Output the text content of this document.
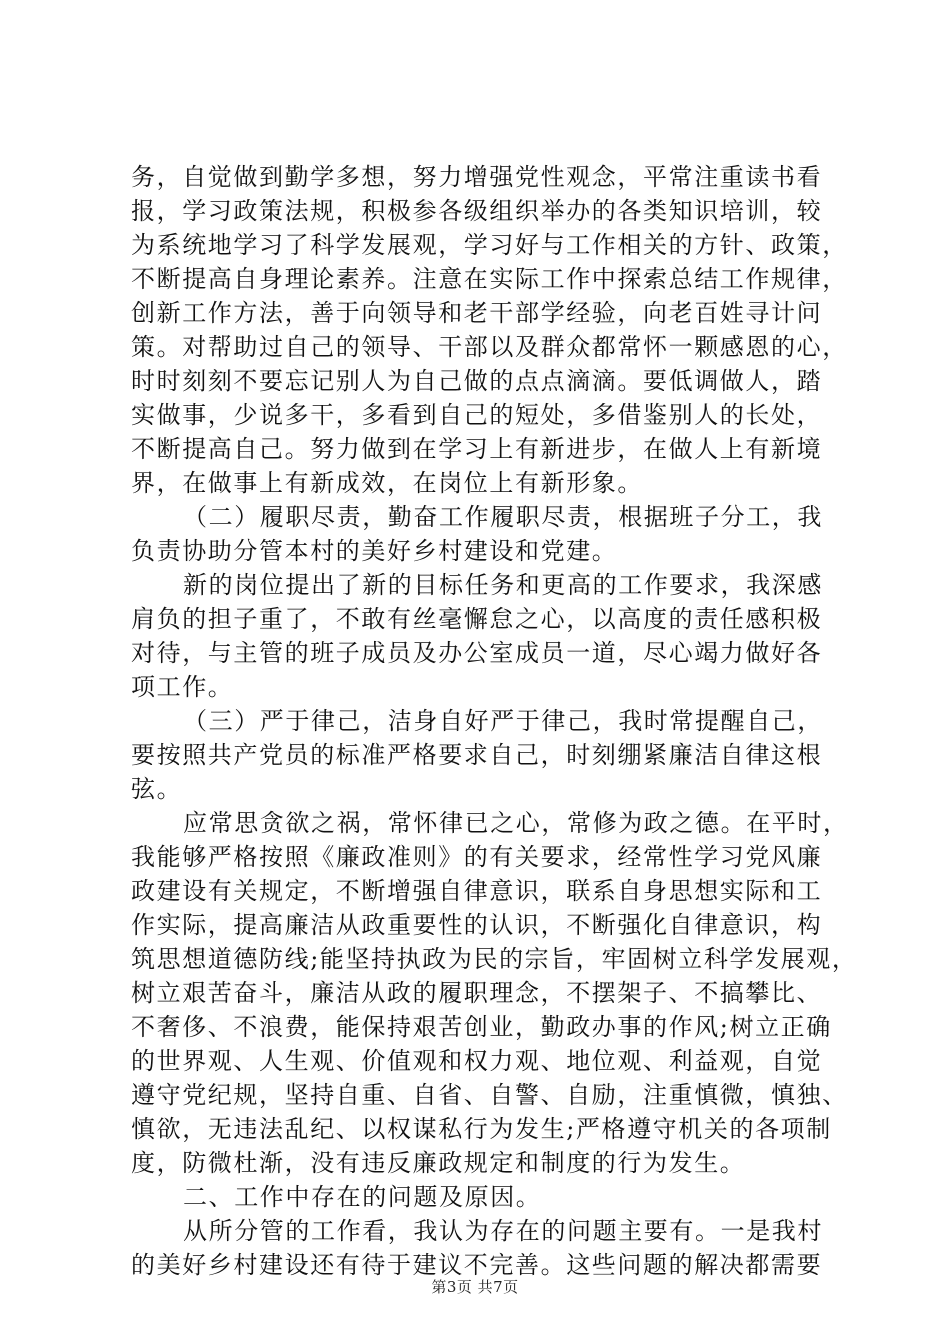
务，自觉做到勤学多想，努力增强党性观念，平常注重读书看
报，学习政策法规，积极参各级组织举办的各类知识培训，较
为系统地学习了科学发展观，学习好与工作相关的方针、政策，
不断提高自身理论素养。注意在实际工作中探索总结工作规律，
创新工作方法，善于向领导和老干部学经验，向老百姓寻计问
策。对帮助过自己的领导、干部以及群众都常怀一颗感恩的心，
时时刻刻不要忘记别人为自己做的点点滴滴。要低调做人，踏
实做事，少说多干，多看到自己的短处，多借鉴别人的长处，
不断提高自己。努力做到在学习上有新进步，在做人上有新境
界，在做事上有新成效，在岗位上有新形象。
（二）履职尽责，勤奋工作履职尽责，根据班子分工，我
负责协助分管本村的美好乡村建设和党建。
新的岗位提出了新的目标任务和更高的工作要求，我深感
肩负的担子重了，不敢有丝毫懈怠之心，以高度的责任感积极
对待，与主管的班子成员及办公室成员一道，尽心竭力做好各
项工作。
（三）严于律己，洁身自好严于律己，我时常提醒自己，
要按照共产党员的标准严格要求自己，时刻绷紧廉洁自律这根
弦。
应常思贪欲之祸，常怀律已之心，常修为政之德。在平时，
我能够严格按照《廉政准则》的有关要求，经常性学习党风廉
政建设有关规定，不断增强自律意识，联系自身思想实际和工
作实际，提高廉洁从政重要性的认识，不断强化自律意识，构
筑思想道德防线;能坚持执政为民的宗旨，牢固树立科学发展观，
树立艰苦奋斗，廉洁从政的履职理念，不摆架子、不搞攀比、
不奢侈、不浪费，能保持艰苦创业，勤政办事的作风;树立正确
的世界观、人生观、价值观和权力观、地位观、利益观，自觉
遵守党纪规，坚持自重、自省、自警、自励，注重慎微，慎独、
慎欲，无违法乱纪、以权谋私行为发生;严格遵守机关的各项制
度，防微杜渐，没有违反廉政规定和制度的行为发生。
二、工作中存在的问题及原因。
从所分管的工作看，我认为存在的问题主要有。一是我村
的美好乡村建设还有待于建议不完善。这些问题的解决都需要
第3页 共7页
